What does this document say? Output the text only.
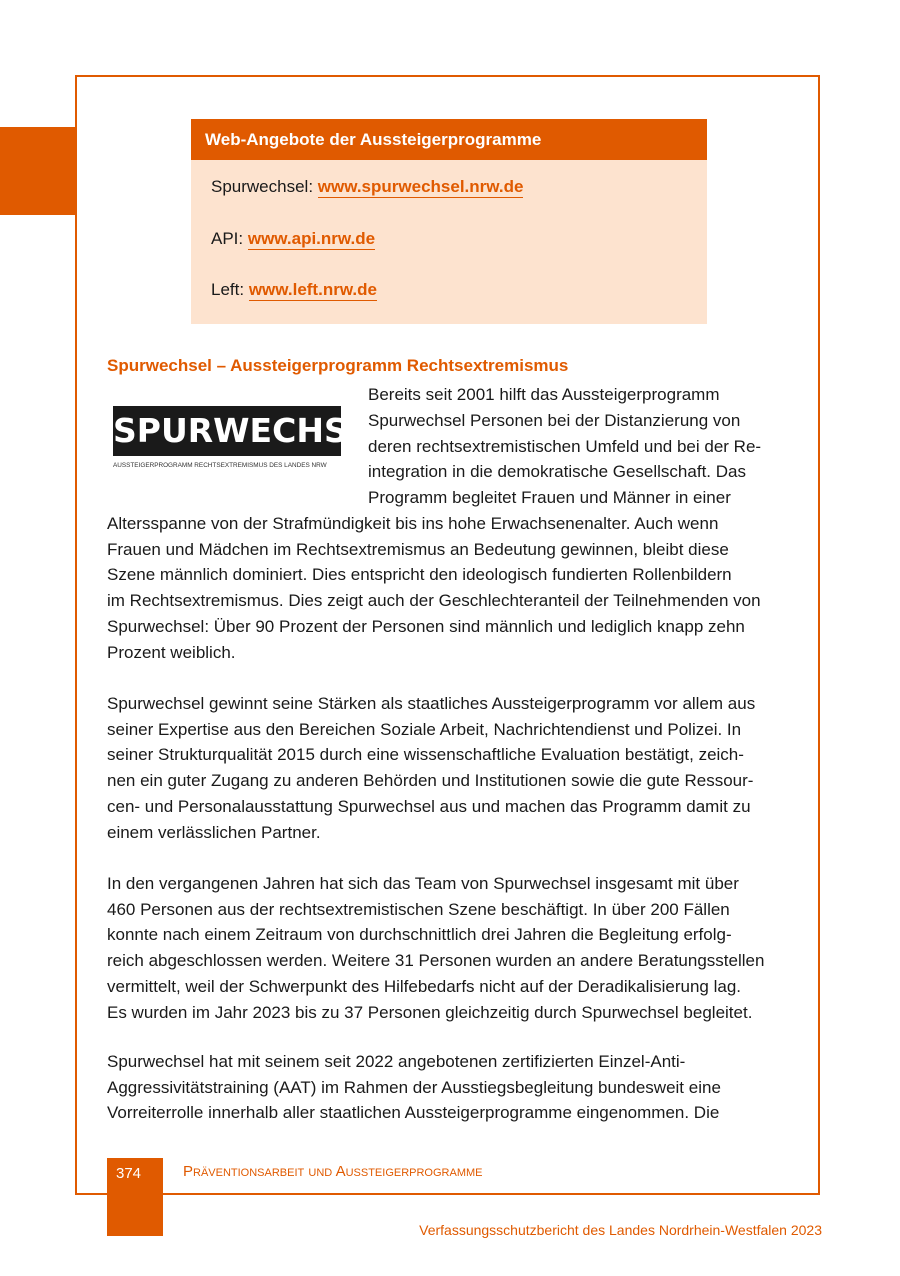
Web-Angebote der Aussteigerprogramme
Spurwechsel: www.spurwechsel.nrw.de
API: www.api.nrw.de
Left: www.left.nrw.de
Spurwechsel – Aussteigerprogramm Rechtsextremismus
SPURWECHSEL
AUSSTEIGERPROGRAMM RECHTSEXTREMISMUS DES LANDES NRW
Bereits seit 2001 hilft das Aussteigerprogramm
Spurwechsel Personen bei der Distanzierung von
deren rechtsextremistischen Umfeld und bei der Re-
integration in die demokratische Gesellschaft. Das
Programm begleitet Frauen und Männer in einer
Altersspanne von der Strafmündigkeit bis ins hohe Erwachsenenalter. Auch wenn
Frauen und Mädchen im Rechtsextremismus an Bedeutung gewinnen, bleibt diese
Szene männlich dominiert. Dies entspricht den ideologisch fundierten Rollenbildern
im Rechtsextremismus. Dies zeigt auch der Geschlechteranteil der Teilnehmenden von
Spurwechsel: Über 90 Prozent der Personen sind männlich und lediglich knapp zehn
Prozent weiblich.
Spurwechsel gewinnt seine Stärken als staatliches Aussteigerprogramm vor allem aus
seiner Expertise aus den Bereichen Soziale Arbeit, Nachrichtendienst und Polizei. In
seiner Strukturqualität 2015 durch eine wissenschaftliche Evaluation bestätigt, zeich-
nen ein guter Zugang zu anderen Behörden und Institutionen sowie die gute Ressour-
cen- und Personalausstattung Spurwechsel aus und machen das Programm damit zu
einem verlässlichen Partner.
In den vergangenen Jahren hat sich das Team von Spurwechsel insgesamt mit über
460 Personen aus der rechtsextremistischen Szene beschäftigt. In über 200 Fällen
konnte nach einem Zeitraum von durchschnittlich drei Jahren die Begleitung erfolg-
reich abgeschlossen werden. Weitere 31 Personen wurden an andere Beratungsstellen
vermittelt, weil der Schwerpunkt des Hilfebedarfs nicht auf der Deradikalisierung lag.
Es wurden im Jahr 2023 bis zu 37 Personen gleichzeitig durch Spurwechsel begleitet.
Spurwechsel hat mit seinem seit 2022 angebotenen zertifizierten Einzel-Anti-
Aggressivitätstraining (AAT) im Rahmen der Ausstiegsbegleitung bundesweit eine
Vorreiterrolle innerhalb aller staatlichen Aussteigerprogramme eingenommen. Die
374	Präventionsarbeit und Aussteigerprogramme
Verfassungsschutzbericht des Landes Nordrhein-Westfalen 2023
